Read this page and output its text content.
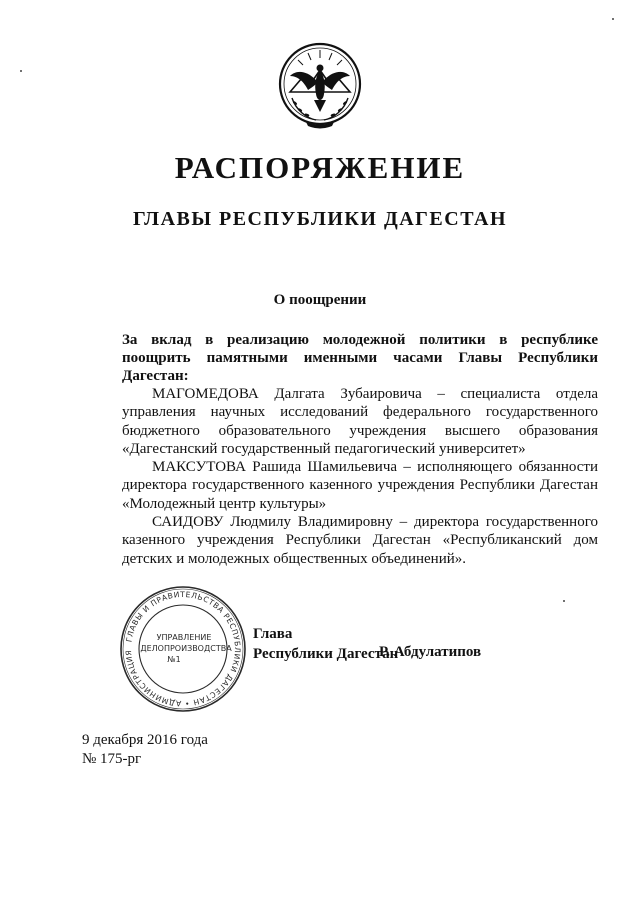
РАСПОРЯЖЕНИЕ
ГЛАВЫ РЕСПУБЛИКИ ДАГЕСТАН
О поощрении
За вклад в реализацию молодежной политики в республике поощрить памятными именными часами Главы Республики Дагестан:

МАГОМЕДОВА Далгата Зубаировича – специалиста отдела управления научных исследований федерального государственного бюджетного образовательного учреждения высшего образования «Дагестанский государственный педагогический университет»

МАКСУТОВА Рашида Шамильевича – исполняющего обязанности директора государственного казенного учреждения Республики Дагестан «Молодежный центр культуры»

САИДОВУ Людмилу Владимировну – директора государственного казенного учреждения Республики Дагестан «Республиканский дом детских и молодежных общественных объединений».

ГЛАВЫ И ПРАВИТЕЛЬСТВА РЕСПУБЛИКИ ДАГЕСТАН • АДМИНИСТРАЦИЯ
УПРАВЛЕНИЕ
ДЕЛОПРОИЗВОДСТВА
№1
Глава
Республики Дагестан
Р. Абдулатипов
9 декабря 2016 года
№ 175-рг
